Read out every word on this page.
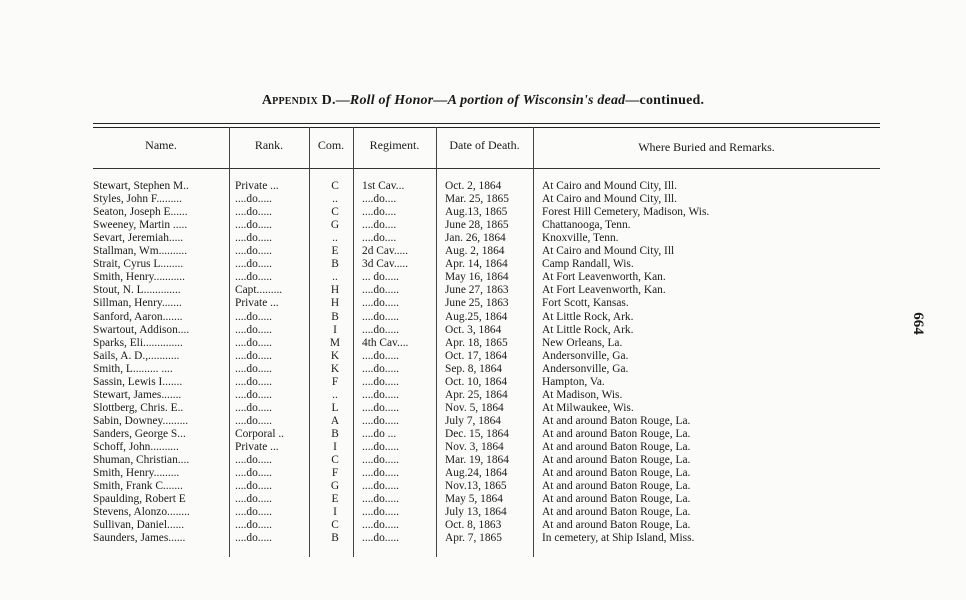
Appendix D.—Roll of Honor—A portion of Wisconsin's dead—continued.
664
Name.	Rank.	Com.	Regiment.	Date of Death.	Where Buried and Remarks.
Stewart, Stephen M..	Private ...	C	1st Cav...	Oct. 2, 1864	At Cairo and Mound City, Ill.
Styles, John F.........	....do.....	..	....do....	Mar. 25, 1865	At Cairo and Mound City, Ill.
Seaton, Joseph E......	....do.....	C	....do....	Aug.13, 1865	Forest Hill Cemetery, Madison, Wis.
Sweeney, Martin .....	....do.....	G	....do....	June 28, 1865	Chattanooga, Tenn.
Sevart, Jeremiah.....	....do.....	..	....do....	Jan. 26, 1864	Knoxville, Tenn.
Stallman, Wm..........	....do.....	E	2d Cav.....	Aug. 2, 1864	At Cairo and Mound City, Ill
Strait, Cyrus L........	....do.....	B	3d Cav.....	Apr. 14, 1864	Camp Randall, Wis.
Smith, Henry...........	....do.....	..	... do.....	May 16, 1864	At Fort Leavenworth, Kan.
Stout, N. L.............	Capt.........	H	....do.....	June 27, 1863	At Fort Leavenworth, Kan.
Sillman, Henry.......	Private ...	H	....do.....	June 25, 1863	Fort Scott, Kansas.
Sanford, Aaron.......	....do.....	B	....do.....	Aug.25, 1864	At Little Rock, Ark.
Swartout, Addison....	....do.....	I	....do.....	Oct. 3, 1864	At Little Rock, Ark.
Sparks, Eli..............	....do.....	M	4th Cav....	Apr. 18, 1865	New Orleans, La.
Sails, A. D.,...........	....do.....	K	....do.....	Oct. 17, 1864	Andersonville, Ga.
Smith, L......... ....	....do.....	K	....do.....	Sep. 8, 1864	Andersonville, Ga.
Sassin, Lewis I.......	....do.....	F	....do.....	Oct. 10, 1864	Hampton, Va.
Stewart, James.......	....do.....	..	....do.....	Apr. 25, 1864	At Madison, Wis.
Slottberg, Chris. E..	....do.....	L	....do.....	Nov. 5, 1864	At Milwaukee, Wis.
Sabin, Downey.........	....do.....	A	....do.....	July 7, 1864	At and around Baton Rouge, La.
Sanders, George S...	Corporal ..	B	....do ...	Dec. 15, 1864	At and around Baton Rouge, La.
Schoff, John..........	Private ...	I	....do.....	Nov. 3, 1864	At and around Baton Rouge, La.
Shuman, Christian....	....do.....	C	....do.....	Mar. 19, 1864	At and around Baton Rouge, La.
Smith, Henry.........	....do.....	F	....do.....	Aug.24, 1864	At and around Baton Rouge, La.
Smith, Frank C.......	....do.....	G	....do.....	Nov.13, 1865	At and around Baton Rouge, La.
Spaulding, Robert E	....do.....	E	....do.....	May 5, 1864	At and around Baton Rouge, La.
Stevens, Alonzo........	....do.....	I	....do.....	July 13, 1864	At and around Baton Rouge, La.
Sullivan, Daniel......	....do.....	C	....do.....	Oct. 8, 1863	At and around Baton Rouge, La.
Saunders, James......	....do.....	B	....do.....	Apr. 7, 1865	In cemetery, at Ship Island, Miss.
